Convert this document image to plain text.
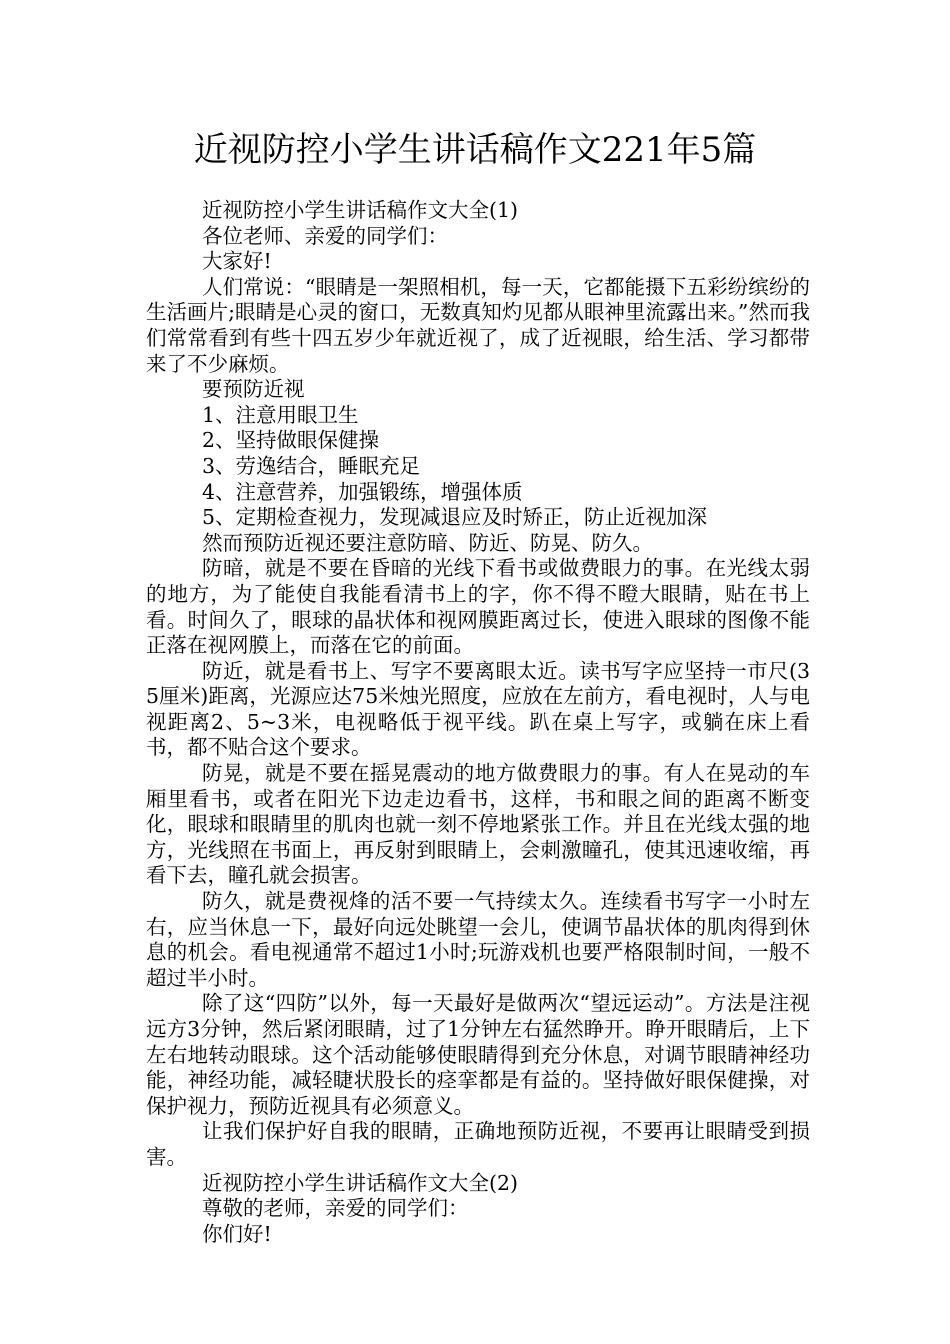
近视防控小学生讲话稿作文221年5篇

近视防控小学生讲话稿作文大全(1)

各位老师、亲爱的同学们：

大家好!

人们常说：“眼睛是一架照相机，每一天，它都能摄下五彩纷缤纷的生活画片;眼睛是心灵的窗口，无数真知灼见都从眼神里流露出来。”然而我们常常看到有些十四五岁少年就近视了，成了近视眼，给生活、学习都带来了不少麻烦。

要预防近视

1、注意用眼卫生

2、坚持做眼保健操

3、劳逸结合，睡眠充足

4、注意营养，加强锻练，增强体质

5、定期检查视力，发现减退应及时矫正，防止近视加深

然而预防近视还要注意防暗、防近、防晃、防久。

防暗，就是不要在昏暗的光线下看书或做费眼力的事。在光线太弱的地方，为了能使自我能看清书上的字，你不得不瞪大眼睛，贴在书上看。时间久了，眼球的晶状体和视网膜距离过长，使进入眼球的图像不能正落在视网膜上，而落在它的前面。

防近，就是看书上、写字不要离眼太近。读书写字应坚持一市尺(35厘米)距离，光源应达75米烛光照度，应放在左前方，看电视时，人与电视距离2、5~3米，电视略低于视平线。趴在桌上写字，或躺在床上看书，都不贴合这个要求。

防晃，就是不要在摇晃震动的地方做费眼力的事。有人在晃动的车厢里看书，或者在阳光下边走边看书，这样，书和眼之间的距离不断变化，眼球和眼睛里的肌肉也就一刻不停地紧张工作。并且在光线太强的地方，光线照在书面上，再反射到眼睛上，会刺激瞳孔，使其迅速收缩，再看下去，瞳孔就会损害。

防久，就是费视烽的活不要一气持续太久。连续看书写字一小时左右，应当休息一下，最好向远处眺望一会儿，使调节晶状体的肌肉得到休息的机会。看电视通常不超过1小时;玩游戏机也要严格限制时间，一般不超过半小时。

除了这“四防”以外，每一天最好是做两次“望远运动”。方法是注视远方3分钟，然后紧闭眼睛，过了1分钟左右猛然睁开。睁开眼睛后，上下左右地转动眼球。这个活动能够使眼睛得到充分休息，对调节眼睛神经功能，神经功能，减轻睫状股长的痉挛都是有益的。坚持做好眼保健操，对保护视力，预防近视具有必须意义。

让我们保护好自我的眼睛，正确地预防近视，不要再让眼睛受到损害。

近视防控小学生讲话稿作文大全(2)

尊敬的老师，亲爱的同学们：

你们好!
